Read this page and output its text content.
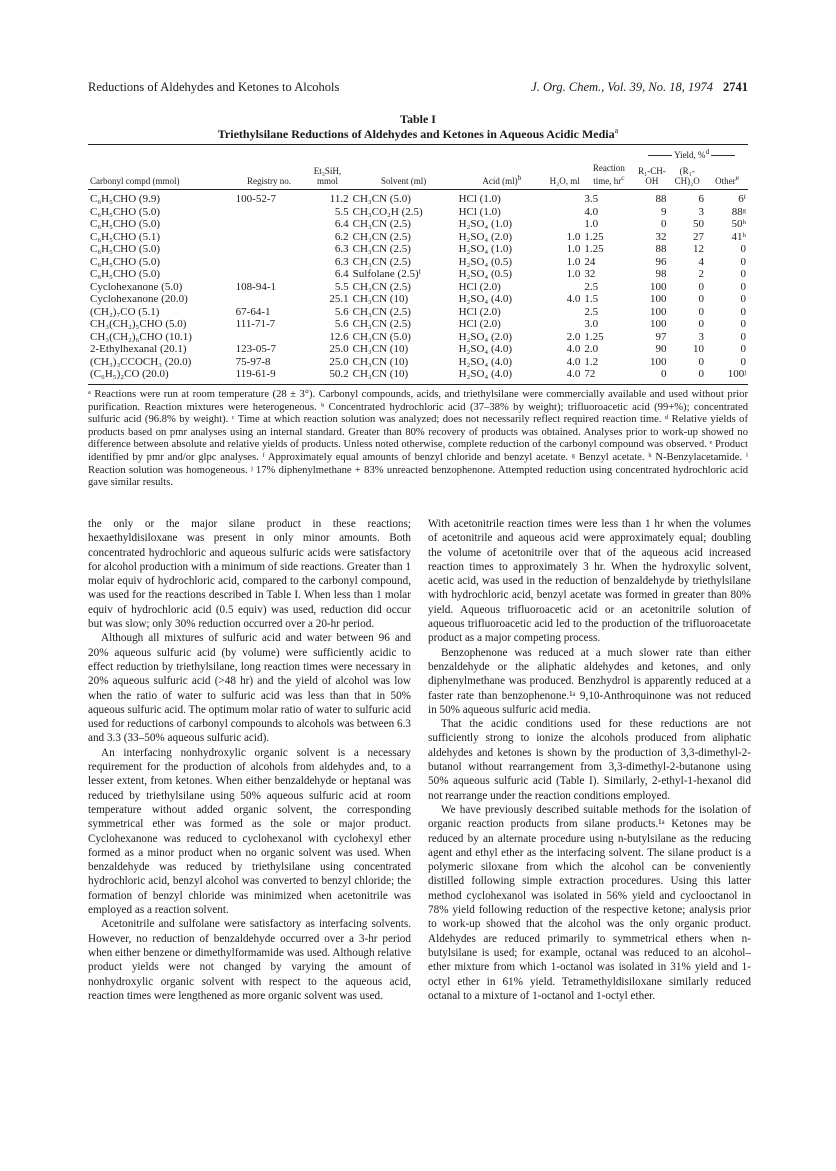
Reductions of Aldehydes and Ketones to Alcohols	J. Org. Chem., Vol. 39, No. 18, 1974 2741
Table I
Triethylsilane Reductions of Aldehydes and Ketones in Aqueous Acidic Media$^a$

							Yield, %$^d$
Carbonyl compd (mmol)	Registry no.	Et₃SiH, mmol	Solvent (ml)	Acid (ml)$^b$	H₂O, ml	Reaction time, $hr^c$	R₁-CH-OH	(R₁-CH)₂O	Other$^e$
C₆H₅CHO (9.9)	100-52-7	11.2	CH₃CN (5.0)	HCl (1.0)		3.5	88	6	6ᶠ
C₆H₅CHO (5.0)		5.5	CH₃CO₂H (2.5)	HCl (1.0)		4.0	9	3	88ᵍ
C₆H₅CHO (5.0)		6.4	CH₃CN (2.5)	H₂SO₄ (1.0)		1.0	0	50	50ʰ
C₆H₅CHO (5.1)		6.2	CH₃CN (2.5)	H₂SO₄ (2.0)	1.0	1.25	32	27	41ʰ
C₆H₅CHO (5.0)		6.3	CH₃CN (2.5)	H₂SO₄ (1.0)	1.0	1.25	88	12	0
C₆H₅CHO (5.0)		6.3	CH₃CN (2.5)	H₂SO₄ (0.5)	1.0	24	96	4	0
C₆H₅CHO (5.0)		6.4	Sulfolane (2.5)ⁱ	H₂SO₄ (0.5)	1.0	32	98	2	0
Cyclohexanone (5.0)	108-94-1	5.5	CH₃CN (2.5)	HCl (2.0)		2.5	100	0	0
Cyclohexanone (20.0)		25.1	CH₃CN (10)	H₂SO₄ (4.0)	4.0	1.5	100	0	0
(CH₂)₇CO (5.1)	67-64-1	5.6	CH₃CN (2.5)	HCl (2.0)		2.5	100	0	0
CH₃(CH₂)₅CHO (5.0)	111-71-7	5.6	CH₃CN (2.5)	HCl (2.0)		3.0	100	0	0
CH₃(CH₂)₆CHO (10.1)		12.6	CH₃CN (5.0)	H₂SO₄ (2.0)	2.0	1.25	97	3	0
2-Ethylhexanal (20.1)	123-05-7	25.0	CH₃CN (10)	H₂SO₄ (4.0)	4.0	2.0	90	10	0
(CH₃)₃CCOCH₃ (20.0)	75-97-8	25.0	CH₃CN (10)	H₂SO₄ (4.0)	4.0	1.2	100	0	0
(C₆H₅)₂CO (20.0)	119-61-9	50.2	CH₃CN (10)	H₂SO₄ (4.0)	4.0	72	0	0	100ʲ
ᵃ Reactions were run at room temperature (28 ± 3°). Carbonyl compounds, acids, and triethylsilane were commercially available and used without prior purification. Reaction mixtures were heterogeneous. ᵇ Concentrated hydrochloric acid (37–38% by weight); trifluoroacetic acid (99+%); concentrated sulfuric acid (96.8% by weight). ᶜ Time at which reaction solution was analyzed; does not necessarily reflect required reaction time. ᵈ Relative yields of products based on pmr analyses using an internal standard. Greater than 80% recovery of products was obtained. Analyses prior to work-up showed no difference between absolute and relative yields of products. Unless noted otherwise, complete reduction of the carbonyl compound was observed. ᵉ Product identified by pmr and/or glpc analyses. ᶠ Approximately equal amounts of benzyl chloride and benzyl acetate. ᵍ Benzyl acetate. ʰ N-Benzylacetamide. ⁱ Reaction solution was homogeneous. ʲ 17% diphenylmethane + 83% unreacted benzophenone. Attempted reduction using concentrated hydrochloric acid gave similar results.

the only or the major silane product in these reactions; hexaethyldisiloxane was present in only minor amounts. Both concentrated hydrochloric and aqueous sulfuric acids were satisfactory for alcohol production with a minimum of side reactions. Greater than 1 molar equiv of hydrochloric acid, compared to the carbonyl compound, was used for the reactions described in Table I. When less than 1 molar equiv of hydrochloric acid (0.5 equiv) was used, reduction did occur but was slow; only 30% reduction occurred over a 20-hr period.

Although all mixtures of sulfuric acid and water between 96 and 20% aqueous sulfuric acid (by volume) were sufficiently acidic to effect reduction by triethylsilane, long reaction times were necessary in 20% aqueous sulfuric acid (>48 hr) and the yield of alcohol was low when the ratio of water to sulfuric acid was less than that in 50% aqueous sulfuric acid. The optimum molar ratio of water to sulfuric acid used for reductions of carbonyl compounds to alcohols was between 6.3 and 3.3 (33–50% aqueous sulfuric acid).

An interfacing nonhydroxylic organic solvent is a necessary requirement for the production of alcohols from aldehydes and, to a lesser extent, from ketones. When either benzaldehyde or heptanal was reduced by triethylsilane using 50% aqueous sulfuric acid at room temperature without added organic solvent, the corresponding symmetrical ether was formed as the sole or major product. Cyclohexanone was reduced to cyclohexanol with cyclohexyl ether formed as a minor product when no organic solvent was used. When benzaldehyde was reduced by triethylsilane using concentrated hydrochloric acid, benzyl alcohol was converted to benzyl chloride; the formation of benzyl chloride was minimized when acetonitrile was employed as a reaction solvent.

Acetonitrile and sulfolane were satisfactory as interfacing solvents. However, no reduction of benzaldehyde occurred over a 3-hr period when either benzene or dimethylformamide was used. Although relative product yields were not changed by varying the amount of nonhydroxylic organic solvent with respect to the aqueous acid, reaction times were lengthened as more organic solvent was used.

With acetonitrile reaction times were less than 1 hr when the volumes of acetonitrile and aqueous acid were approximately equal; doubling the volume of acetonitrile over that of the aqueous acid increased reaction times to approximately 3 hr. When the hydroxylic solvent, acetic acid, was used in the reduction of benzaldehyde by triethylsilane with hydrochloric acid, benzyl acetate was formed in greater than 80% yield. Aqueous trifluoroacetic acid or an acetonitrile solution of aqueous trifluoroacetic acid led to the production of the trifluoroacetate product as a major competing process.

Benzophenone was reduced at a much slower rate than either benzaldehyde or the aliphatic aldehydes and ketones, and only diphenylmethane was produced. Benzhydrol is apparently reduced at a faster rate than benzophenone.¹ᵃ 9,10-Anthroquinone was not reduced in 50% aqueous sulfuric acid media.

That the acidic conditions used for these reductions are not sufficiently strong to ionize the alcohols produced from aliphatic aldehydes and ketones is shown by the production of 3,3-dimethyl-2-butanol without rearrangement from 3,3-dimethyl-2-butanone using 50% aqueous sulfuric acid (Table I). Similarly, 2-ethyl-1-hexanol did not rearrange under the reaction conditions employed.

We have previously described suitable methods for the isolation of organic reaction products from silane products.¹ᵃ Ketones may be reduced by an alternate procedure using n-butylsilane as the reducing agent and ethyl ether as the interfacing solvent. The silane product is a polymeric siloxane from which the alcohol can be conveniently distilled following simple extraction procedures. Using this latter method cyclohexanol was isolated in 56% yield and cyclooctanol in 78% yield following reduction of the respective ketone; analysis prior to work-up showed that the alcohol was the only organic product. Aldehydes are reduced primarily to symmetrical ethers when n-butylsilane is used; for example, octanal was reduced to an alcohol–ether mixture from which 1-octanol was isolated in 31% yield and 1-octyl ether in 61% yield. Tetramethyldisiloxane similarly reduced octanal to a mixture of 1-octanol and 1-octyl ether.
